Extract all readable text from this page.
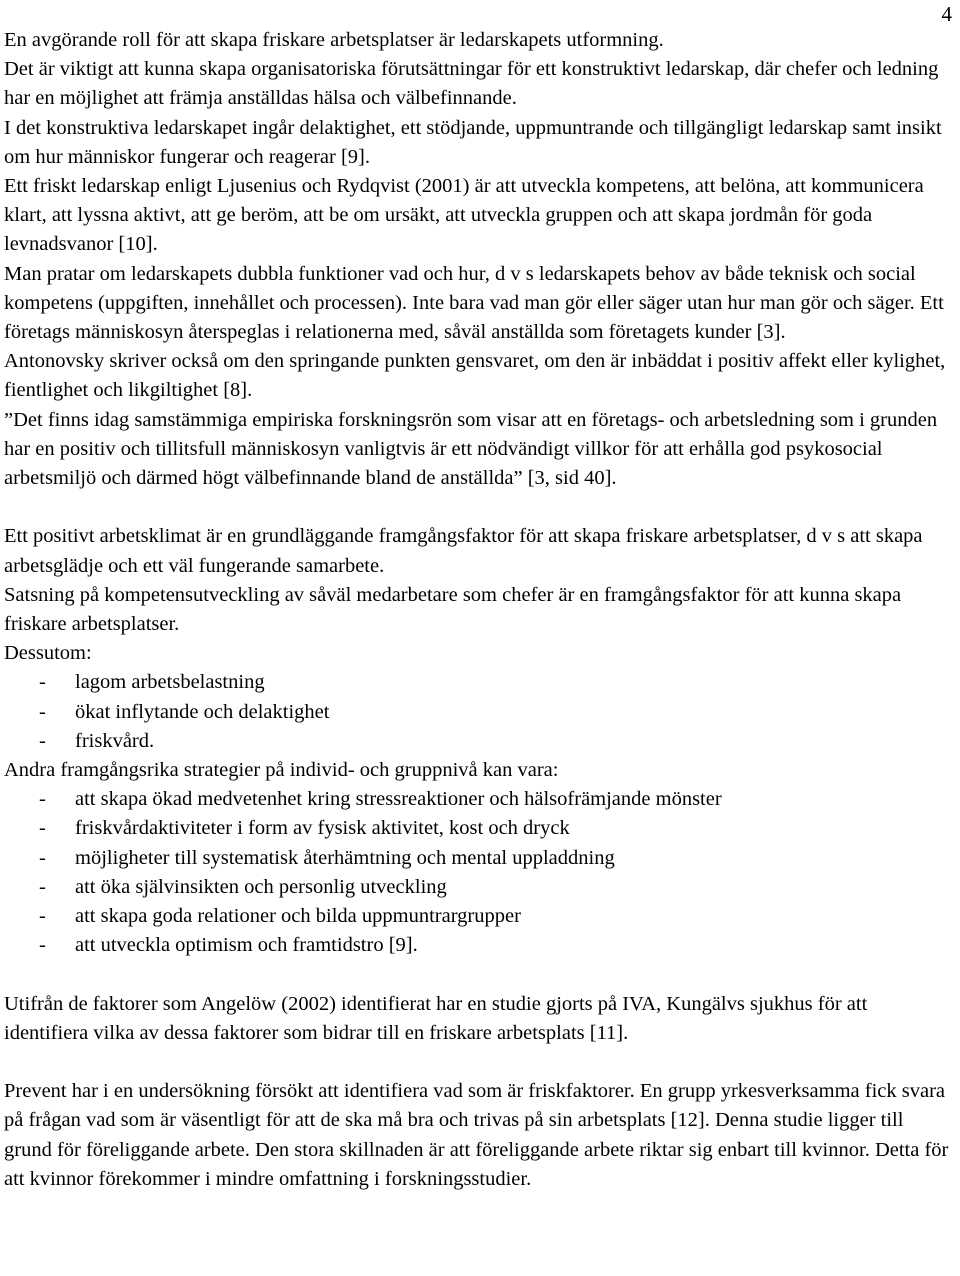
4

En avgörande roll för att skapa friskare arbetsplatser är ledarskapets utformning.

Det är viktigt att kunna skapa organisatoriska förutsättningar för ett konstruktivt ledarskap, där chefer och ledning har en möjlighet att främja anställdas hälsa och välbefinnande.

I det konstruktiva ledarskapet ingår delaktighet, ett stödjande, uppmuntrande och tillgängligt ledarskap samt insikt om hur människor fungerar och reagerar [9].

Ett friskt ledarskap enligt Ljusenius och Rydqvist (2001) är att utveckla kompetens, att belöna, att kommunicera klart, att lyssna aktivt, att ge beröm, att be om ursäkt, att utveckla gruppen och att skapa jordmån för goda levnadsvanor [10].

Man pratar om ledarskapets dubbla funktioner vad och hur, d v s ledarskapets behov av både teknisk och social kompetens (uppgiften, innehållet och processen). Inte bara vad man gör eller säger utan hur man gör och säger. Ett företags människosyn återspeglas i relationerna med, såväl anställda som företagets kunder [3].

Antonovsky skriver också om den springande punkten gensvaret, om den är inbäddat i positiv affekt eller kylighet, fientlighet och likgiltighet [8].

”Det finns idag samstämmiga empiriska forskningsrön som visar att en företags- och arbetsledning som i grunden har en positiv och tillitsfull människosyn vanligtvis är ett nödvändigt villkor för att erhålla god psykosocial arbetsmiljö och därmed högt välbefinnande bland de anställda” [3, sid 40].

Ett positivt arbetsklimat är en grundläggande framgångsfaktor för att skapa friskare arbetsplatser, d v s att skapa arbetsglädje och ett väl fungerande samarbete.

Satsning på kompetensutveckling av såväl medarbetare som chefer är en framgångsfaktor för att kunna skapa friskare arbetsplatser.

Dessutom:

-	lagom arbetsbelastning
-	ökat inflytande och delaktighet
-	friskvård.

Andra framgångsrika strategier på individ- och gruppnivå kan vara:

-	att skapa ökad medvetenhet kring stressreaktioner och hälsofrämjande mönster
-	friskvårdaktiviteter i form av fysisk aktivitet, kost och dryck
-	möjligheter till systematisk återhämtning och mental uppladdning
-	att öka självinsikten och personlig utveckling
-	att skapa goda relationer och bilda uppmuntrargrupper
-	att utveckla optimism och framtidstro [9].

Utifrån de faktorer som Angelöw (2002) identifierat har en studie gjorts på IVA, Kungälvs sjukhus för att identifiera vilka av dessa faktorer som bidrar till en friskare arbetsplats [11].

Prevent har i en undersökning försökt att identifiera vad som är friskfaktorer. En grupp yrkesverksamma fick svara på frågan vad som är väsentligt för att de ska må bra och trivas på sin arbetsplats [12]. Denna studie ligger till grund för föreliggande arbete. Den stora skillnaden är att föreliggande arbete riktar sig enbart till kvinnor. Detta för att kvinnor förekommer i mindre omfattning i forskningsstudier.
